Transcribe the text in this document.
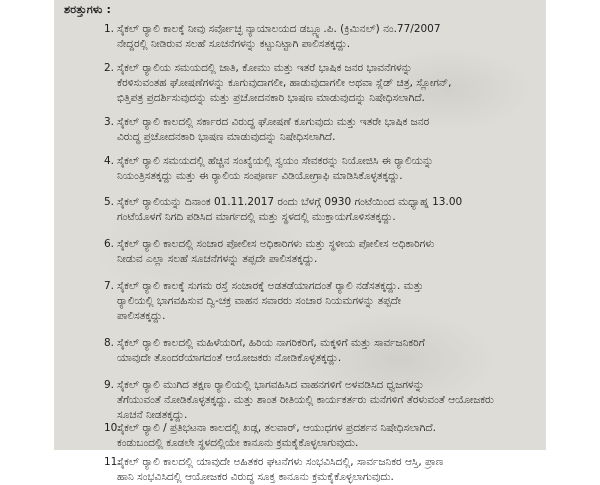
ಶರತ್ತುಗಳು :
1. ಸೈಕಲ್ ರ್‍ಯಾಲಿ ಕಾಲಕ್ಕೆ ನೀವು ಸರ್ವೋಚ್ಛ ನ್ಯಾಯಾಲಯದ ಡಬ್ಲ್ಯೂ.ಪಿ. (ಕ್ರಿಮಿನಲ್) ನಂ.77/2007
ನೇದ್ದರಲ್ಲಿ ನೀಡಿರುವ ಸಲಹೆ ಸೂಚನೆಗಳನ್ನು ಕಟ್ಟುನಿಟ್ಟಾಗಿ ಪಾಲಿಸತಕ್ಕದ್ದು.
2. ಸೈಕಲ್ ರ್‍ಯಾಲಿಯ ಸಮಯದಲ್ಲಿ ಜಾತಿ, ಕೋಮು ಮತ್ತು ಇತರೆ ಭಾಷಿಕ ಜನರ ಭಾವನೆಗಳನ್ನು
ಕೆರಳಿಸುವಂತಹ ಘೋಷಣೆಗಳನ್ನು ಕೂಗುವುದಾಗಲೀ, ಹಾಡುವುದಾಗಲೀ ಅಥವಾ ಸ್ಲೆಡ್ ಚಿತ್ರ, ಸ್ಲೋಗನ್,
ಭಿತ್ತಿಪತ್ರ ಪ್ರದರ್ಶಿಸುವುದನ್ನು ಮತ್ತು ಪ್ರಚೋದನಕಾರಿ ಭಾಷಣ ಮಾಡುವುದನ್ನು ನಿಷೇಧಿಸಲಾಗಿದೆ.
3. ಸೈಕಲ್ ರ್‍ಯಾಲಿ ಕಾಲದಲ್ಲಿ ಸರ್ಕಾರದ ವಿರುದ್ಧ ಘೋಷಣೆ ಕೂಗುವುದು ಮತ್ತು ಇತರೇ ಭಾಷಿಕ ಜನರ
ವಿರುದ್ಧ ಪ್ರಚೋದನಕಾರಿ ಭಾಷಣ ಮಾಡುವುದನ್ನು ನಿಷೇಧಿಸಲಾಗಿದೆ.
4. ಸೈಕಲ್ ರ್‍ಯಾಲಿ ಸಮಯದಲ್ಲಿ ಹೆಚ್ಚಿನ ಸಂಖ್ಯೆಯಲ್ಲಿ ಸ್ವಯಂ ಸೇವಕರನ್ನು ನಿಯೋಜಿಸಿ ಈ ರ್‍ಯಾಲಿಯನ್ನು
ನಿಯಂತ್ರಿಸತಕ್ಕದ್ದು ಮತ್ತು ಈ ರ್‍ಯಾಲಿಯ ಸಂಪೂರ್ಣ ವಿಡಿಯೋಗ್ರಾಫಿ ಮಾಡಿಸಿಕೊಳ್ಳತಕ್ಕದ್ದು.
5. ಸೈಕಲ್ ರ್‍ಯಾಲಿಯನ್ನು ದಿನಾಂಕ 01.11.2017 ರಂದು ಬೆಳಗ್ಗೆ 0930 ಗಂಟೆಯಿಂದ ಮಧ್ಯಾಹ್ನ 13.00
ಗಂಟೆಯೊಳಗೆ ನಿಗದಿ ಪಡಿಸಿದ ಮಾರ್ಗದಲ್ಲಿ ಮತ್ತು ಸ್ಥಳದಲ್ಲಿ ಮುಕ್ತಾಯಗೊಳಿಸತಕ್ಕದ್ದು.
6. ಸೈಕಲ್ ರ್‍ಯಾಲಿ ಕಾಲದಲ್ಲಿ ಸಂಚಾರ ಪೋಲೀಸ ಅಧಿಕಾರಿಗಳು ಮತ್ತು ಸ್ಥಳೀಯ ಪೋಲೀಸ ಅಧಿಕಾರಿಗಳು
ನೀಡುವ ಎಲ್ಲಾ ಸಲಹೆ ಸೂಚನೆಗಳನ್ನು ತಪ್ಪದೇ ಪಾಲಿಸತಕ್ಕದ್ದು.
7. ಸೈಕಲ್ ರ್‍ಯಾಲಿ ಕಾಲಕ್ಕೆ ಸುಗಮ ರಸ್ತೆ ಸಂಚಾರಕ್ಕೆ ಅಡತಡೆಯಾಗದಂತೆ ರ್‍ಯಾಲಿ ನಡೆಸತಕ್ಕದ್ದು. ಮತ್ತು
ರ್‍ಯಾಲಿಯಲ್ಲಿ ಭಾಗವಹಿಸುವ ದ್ವಿ-ಚಕ್ರ ವಾಹನ ಸವಾರರು ಸಂಚಾರ ನಿಯಮಗಳನ್ನು ತಪ್ಪದೇ
ಪಾಲಿಸತಕ್ಕದ್ದು.
8. ಸೈಕಲ್ ರ್‍ಯಾಲಿ ಕಾಲದಲ್ಲಿ ಮಹಿಳೆಯರಿಗೆ, ಹಿರಿಯ ನಾಗರಿಕರಿಗೆ, ಮಕ್ಕಳಿಗೆ ಮತ್ತು ಸಾರ್ವಜನಿಕರಿಗೆ
ಯಾವುದೇ ತೊಂದರೆಯಾಗದಂತೆ ಆಯೋಜಕರು ನೋಡಿಕೊಳ್ಳತಕ್ಕದ್ದು.
9. ಸೈಕಲ್ ರ್‍ಯಾಲಿ ಮುಗಿದ ತಕ್ಷಣ ರ್‍ಯಾಲಿಯಲ್ಲಿ ಭಾಗವಹಿಸಿದ ವಾಹನಗಳಿಗೆ ಅಳವಡಿಸಿದ ಧ್ವಜಗಳನ್ನು
ತೆಗೆಯುವಂತೆ ನೋಡಿಕೊಳ್ಳತಕ್ಕದ್ದು. ಮತ್ತು ಶಾಂತ ರೀತಿಯಲ್ಲಿ ಕಾರ್ಯಕರ್ತರು ಮನೆಗಳಿಗೆ ತೆರಳುವಂತೆ ಆಯೋಜಕರು
ಸೂಚನೆ ನೀಡತಕ್ಕದ್ದು.
10.
ಸೈಕಲ್ ರ್‍ಯಾಲಿ / ಪ್ರತಿಭಟನಾ ಕಾಲದಲ್ಲಿ ಖಡ್ಗ, ತಲವಾರ್, ಆಯುಧಗಳ ಪ್ರದರ್ಶನ ನಿಷೇಧಿಸಲಾಗಿದೆ.
ಕಂಡುಬಂದಲ್ಲಿ ಕೂಡಲೇ ಸ್ಥಳದಲ್ಲಿಯೇ ಕಾನೂನು ಕ್ರಮಕೈಕೊಳ್ಳಲಾಗುವುದು.
11.
ಸೈಕಲ್ ರ್‍ಯಾಲಿ ಕಾಲದಲ್ಲಿ ಯಾವುದೇ ಅಹಿತಕರ ಘಟನೆಗಳು ಸಂಭವಿಸಿದಲ್ಲಿ, ಸಾರ್ವಜನಿಕರ ಆಸ್ತಿ, ಪ್ರಾಣ
ಹಾನಿ ಸಂಭವಿಸಿದಲ್ಲಿ ಆಯೋಜಕರ ವಿರುದ್ಧ ಸೂಕ್ತ ಕಾನೂನು ಕ್ರಮಕೈಕೊಳ್ಳಲಾಗುವುದು.
